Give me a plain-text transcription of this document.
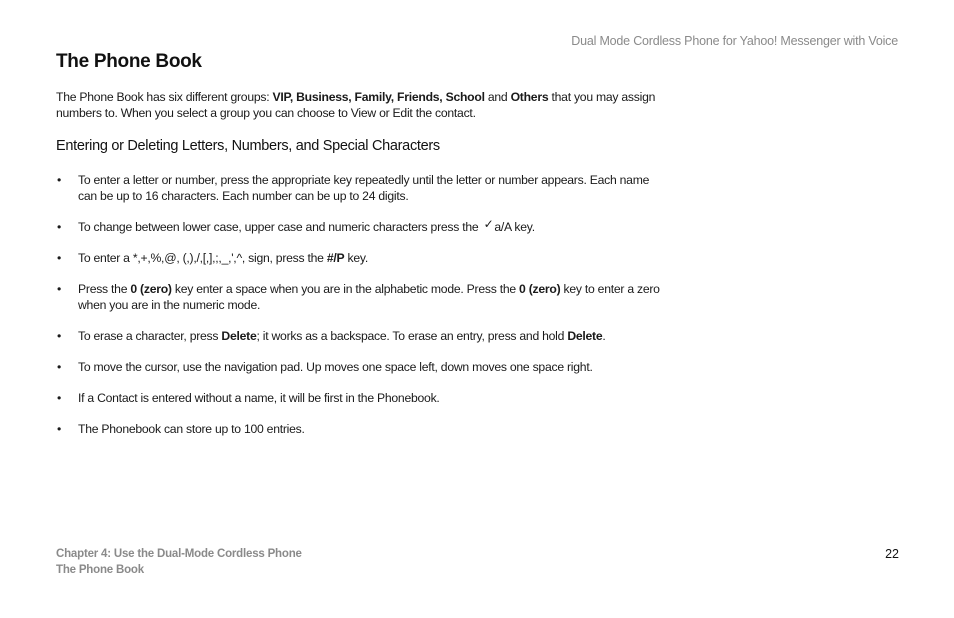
Dual Mode Cordless Phone for Yahoo! Messenger with Voice
The Phone Book

The Phone Book has six different groups: VIP, Business, Family, Friends, School and Others that you may assign numbers to. When you select a group you can choose to View or Edit the contact.

Entering or Deleting Letters, Numbers, and Special Characters
• To enter a letter or number, press the appropriate key repeatedly until the letter or number appears. Each name can be up to 16 characters. Each number can be up to 24 digits.
• To change between lower case, upper case and numeric characters press the ✓a/A key.
• To enter a *,+,%,@, (,),/,[,],;,_,',^, sign, press the #/P key.
• Press the 0 (zero) key enter a space when you are in the alphabetic mode. Press the 0 (zero) key to enter a zero when you are in the numeric mode.
• To erase a character, press Delete; it works as a backspace. To erase an entry, press and hold Delete.
• To move the cursor, use the navigation pad. Up moves one space left, down moves one space right.
• If a Contact is entered without a name, it will be first in the Phonebook.
• The Phonebook can store up to 100 entries.
Chapter 4: Use the Dual-Mode Cordless Phone
The Phone Book
22
